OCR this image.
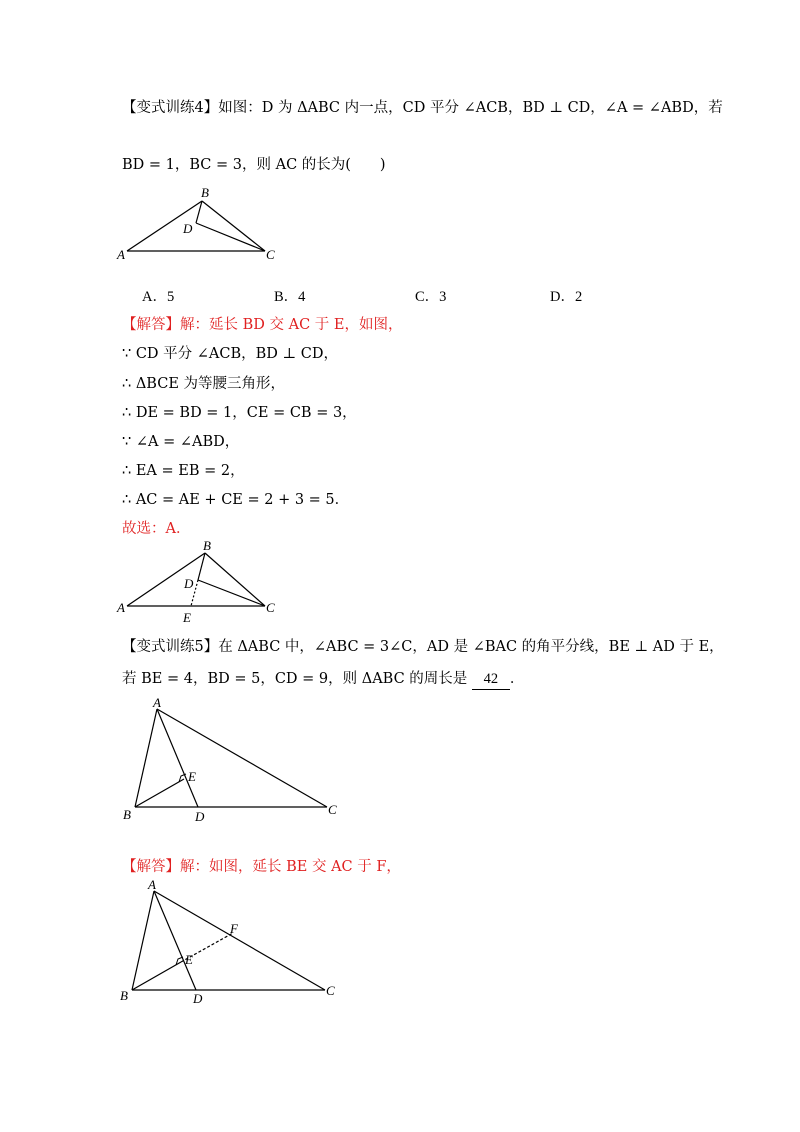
【变式训练4】如图：D 为 ΔABC 内一点，CD 平分 ∠ACB，BD ⊥ CD，∠A = ∠ABD，若
BD = 1，BC = 3，则 AC 的长为(　　)
B
D
A	C
A．5	B．4	C．3	D．2
【解答】解：延长 BD 交 AC 于 E，如图，
∵ CD 平分 ∠ACB，BD ⊥ CD，
∴ ΔBCE 为等腰三角形，
∴ DE = BD = 1，CE = CB = 3，
∵ ∠A = ∠ABD，
∴ EA = EB = 2，
∴ AC = AE + CE = 2 + 3 = 5．
故选：A．
B
D
A	C
E
【变式训练5】在 ΔABC 中，∠ABC = 3∠C，AD 是 ∠BAC 的角平分线，BE ⊥ AD 于 E，
若 BE = 4，BD = 5，CD = 9，则 ΔABC 的周长是 42 ．
A
E
B	D	C
【解答】解：如图，延长 BE 交 AC 于 F，
A
F
E
B	D
C
